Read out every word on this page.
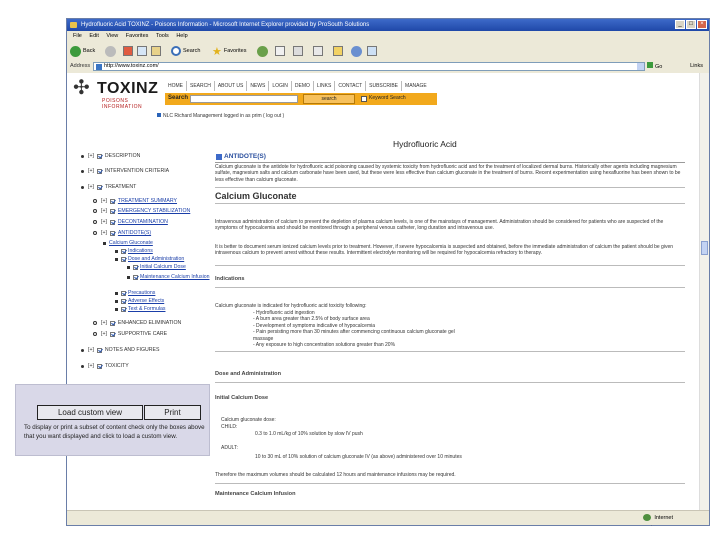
Hydrofluoric Acid TOXINZ - Poisons Information - Microsoft Internet Explorer provided by ProSouth Solutions	_	□	×
File Edit View Favorites Tools Help
Back	Search ★ Favorites
Address	http://www.toxinz.com/	Go	Links
✣ TOXINZ
POISONS INFORMATION
HOME	SEARCH	ABOUT US	NEWS	LOGIN	DEMO	LINKS	CONTACT	SUBSCRIBE	MANAGE
Search	search	Keyword Search
NLC Richard Management logged in as prim ( log out )
[+] DESCRIPTION
[+] INTERVENTION CRITERIA
[+] TREATMENT
[+] TREATMENT SUMMARY
[+] EMERGENCY STABILIZATION
[+] DECONTAMINATION
[+] ANTIDOTE(S)
Calcium Gluconate
Indications
Dose and Administration
Initial Calcium Dose
Maintenance Calcium Infusion
Precautions
Adverse Effects
Text & Formulas
[+] ENHANCED ELIMINATION
[+] SUPPORTIVE CARE
[+] NOTES AND FIGURES
[+] TOXICITY
Hydrofluoric Acid
ANTIDOTE(S)
Calcium gluconate is the antidote for hydrofluoric acid poisoning caused by systemic toxicity from hydrofluoric acid and for the treatment of localized dermal burns. Historically other agents including magnesium sulfate, magnesium salts and calcium carbonate have been used, but these were less effective than calcium gluconate in the treatment of burns. Recent experimentation using hexafluorine has been shown to be less effective than calcium gluconate.
Calcium Gluconate
Intravenous administration of calcium to prevent the depletion of plasma calcium levels, is one of the mainstays of management. Administration should be considered for patients who are suspected of the symptoms of hypocalcemia and should be monitored through a peripheral venous catheter, long duration and intravenous use.
It is better to document serum ionized calcium levels prior to treatment. However, if severe hypocalcemia is suspected and obtained, before the immediate administration of calcium the patient should be given intravenous calcium to prevent arrest without these results. Intermittent electrolyte monitoring will be required for hypocalcemia refractory to therapy.
Indications
Calcium gluconate is indicated for hydrofluoric acid toxicity following:
- Hydrofluoric acid ingestion
- A burn area greater than 2.5% of body surface area
- Development of symptoms indicative of hypocalcemia
- Pain persisting more than 30 minutes after commencing continuous calcium gluconate gel massage
- Any exposure to high concentration solutions greater than 20%
Dose and Administration
Initial Calcium Dose
Calcium gluconate dose:
CHILD:
0.3 to 1.0 mL/kg of 10% solution by slow IV push
ADULT:
10 to 30 mL of 10% solution of calcium gluconate IV (as above) administered over 10 minutes
Therefore the maximum volumes should be calculated 12 hours and maintenance infusions may be required.
Maintenance Calcium Infusion
Internet
Load custom view	Print
To display or print a subset of content check only the boxes above that you want displayed and click to load a custom view.
